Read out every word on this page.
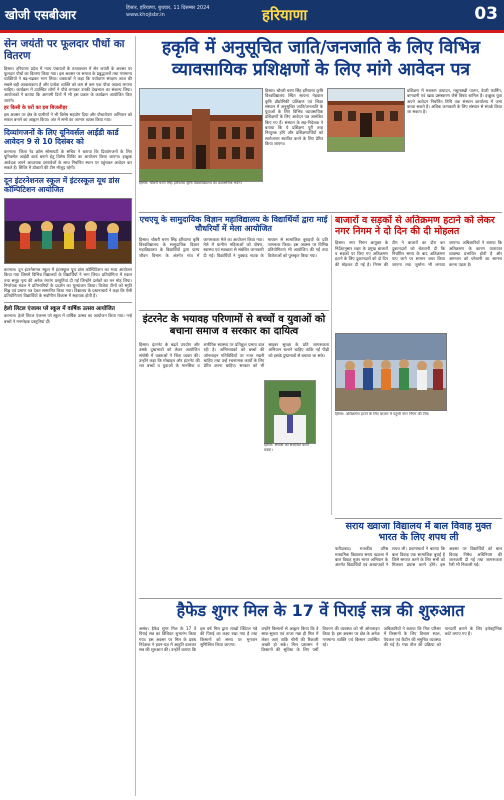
खोजी एसबीआर	हिसार, हरियाणा, बुधवार, 11 दिसम्बर 2024
www.khojisbr.in	हरियाणा	03

सेन जयंती पर फूलदार पौधों का वितरण

हिसार। हरियाणा प्रदेश में न्याय पंचायतों के तत्वावधान में सेन जयंती के अवसर पर फूलदार पौधों का वितरण किया गया। इस अवसर पर समाज के प्रबुद्धजनों तथा गणमान्य व्यक्तियों ने बढ़-चढ़कर भाग लिया। वक्ताओं ने कहा कि पर्यावरण संरक्षण आज की सबसे बड़ी आवश्यकता है और प्रत्येक व्यक्ति को कम से कम एक पौधा अवश्य लगाना चाहिए। कार्यक्रम में उपस्थित लोगों ने पौधे लगाकर उनकी देखभाल का संकल्प लिया। आयोजकों ने बताया कि आगामी दिनों में भी इस प्रकार के कार्यक्रम आयोजित किए जाएंगे।

हर किसी के घरों का इस बिजलीहर

इस अवसर पर क्षेत्र के ग्रामीणों ने भी विशेष सहयोग दिया और पौधारोपण अभियान को सफल बनाने का आह्वान किया। अंत में सभी का आभार व्यक्त किया गया।

दिव्यांगजनों के लिए यूनिवर्सल आईडी कार्ड आवेदन 9 से 10 दिसंबर को

करनाल। जिला रेड क्रॉस सोसायटी के सचिव ने बताया कि दिव्यांगजनों के लिए यूनिवर्सल आईडी कार्ड बनाने हेतु विशेष शिविर का आयोजन किया जाएगा। इच्छुक आवेदक अपने आवश्यक दस्तावेजों के साथ निर्धारित स्थान पर पहुंचकर आवेदन कर सकते हैं। शिविर में डॉक्टरों की टीम मौजूद रहेगी।

दून इंटरनेशनल स्कूल में इंटरस्कूल यूथ डांस कॉम्पिटिशन आयोजित

करनाल। दून इंटरनेशनल स्कूल में इंटरस्कूल यूथ डांस कॉम्पिटिशन का भव्य आयोजन किया गया जिसमें विभिन्न विद्यालयों के विद्यार्थियों ने भाग लिया। प्रतियोगिता में एकल तथा समूह नृत्य की अनेक रंगारंग प्रस्तुतियां दी गईं जिन्होंने दर्शकों का मन मोह लिया। निर्णायक मंडल ने प्रतिभागियों के प्रदर्शन का मूल्यांकन किया। विजेता टीमों को स्मृति चिह्न एवं प्रमाण पत्र देकर सम्मानित किया गया। विद्यालय के प्रधानाचार्य ने कहा कि ऐसी प्रतियोगिताएं विद्यार्थियों के सर्वांगीण विकास में सहायक होती हैं।

हेलो लिटल एंजल्स प्ले स्कूल में वार्षिक उत्सव आयोजित

करनाल। हेलो लिटल एंजल्स प्ले स्कूल में वार्षिक उत्सव का आयोजन किया गया। नन्हे बच्चों ने मनमोहक प्रस्तुतियां दीं।

हकृवि में अनुसूचित जाति/जनजाति के लिए विभिन्न

व्यावसायिक प्रशिक्षणों के लिए मांगे आवेदन पत्र

हिसार: चौधरी चरण सिंह हरियाणा कृषि विश्वविद्यालय का प्रशासनिक भवन।

हिसार। चौधरी चरण सिंह हरियाणा कृषि विश्वविद्यालय स्थित सायना नेहवाल कृषि प्रौद्योगिकी प्रशिक्षण एवं शिक्षा संस्थान में अनुसूचित जाति/जनजाति के युवाओं के लिए विभिन्न व्यावसायिक प्रशिक्षणों के लिए आवेदन पत्र आमंत्रित किए गए हैं। संस्थान के सह-निदेशक ने बताया कि ये प्रशिक्षण पूरी तरह निःशुल्क होंगे और प्रशिक्षणार्थियों को स्वरोजगार स्थापित करने के लिए प्रेरित किया जाएगा।

प्रशिक्षण में मशरूम उत्पादन, मधुमक्खी पालन, डेयरी फार्मिंग, बागवानी एवं खाद्य प्रसंस्करण जैसे विषय शामिल हैं। इच्छुक युवा अपने आवेदन निर्धारित तिथि तक संस्थान कार्यालय में जमा करवा सकते हैं। अधिक जानकारी के लिए संस्थान से संपर्क किया जा सकता है।

एचएयू के सामुदायिक विज्ञान महाविद्यालय के विद्यार्थियों द्वारा माई चौधरियाँ में मेला आयोजित

हिसार। चौधरी चरण सिंह हरियाणा कृषि विश्वविद्यालय के सामुदायिक विज्ञान महाविद्यालय के विद्यार्थियों द्वारा ग्राम्य जीवन विभाग के अंतर्गत गांव में जागरूकता मेले का आयोजन किया गया। मेले में ग्रामीण महिलाओं को पोषण, स्वास्थ्य एवं स्वच्छता से संबंधित जानकारी दी गई। विद्यार्थियों ने नुक्कड़ नाटक के माध्यम से सामाजिक बुराइयों के प्रति जागरूक किया। इस अवसर पर विभिन्न प्रतियोगिताएं भी आयोजित की गईं तथा विजेताओं को पुरस्कृत किया गया।

बाजारों व सड़कों से अतिक्रमण हटाने को लेकर नगर निगम ने दो दिन की दी मोहलत

हिसार। नगर निगम आयुक्त के निर्देशानुसार शहर के प्रमुख बाजारों व सड़कों पर किए गए अतिक्रमण हटाने के लिए दुकानदारों को दो दिन की मोहलत दी गई है। निगम की टीम ने बाजारों का दौरा कर दुकानदारों को चेतावनी दी कि निर्धारित समय के बाद अतिक्रमण पाए जाने पर सामान जब्त किया जाएगा तथा जुर्माना भी लगाया जाएगा। अधिकारियों ने बताया कि अतिक्रमण के कारण यातायात व्यवस्था प्रभावित होती है और आमजन को परेशानी का सामना करना पड़ता है।

हिसार: अतिक्रमण हटाने के लिए बाजार में पहुंची नगर निगम की टीम।

इंटरनेट के भयावह परिणामों से बच्चों व युवाओं को बचाना समाज व सरकार का दायित्व

हिसार। इंटरनेट के बढ़ते उपयोग और उसके दुष्प्रभावों को लेकर आयोजित संगोष्ठी में वक्ताओं ने चिंता व्यक्त की। उन्होंने कहा कि मोबाइल और इंटरनेट की लत बच्चों व युवाओं के मानसिक व शारीरिक स्वास्थ्य पर प्रतिकूल प्रभाव डाल रही है। अभिभावकों को बच्चों की ऑनलाइन गतिविधियों पर नजर रखनी चाहिए तथा उन्हें रचनात्मक कार्यों के लिए प्रेरित करना चाहिए। सरकार को भी साइबर सुरक्षा के प्रति जागरूकता अभियान चलाने चाहिए ताकि नई पीढ़ी को इसके दुष्प्रभावों से बचाया जा सके।

हिसार: संगोष्ठी को संबोधित करते वक्ता।

सराय ख्वाजा विद्यालय में बाल विवाह मुक्त भारत के लिए शपथ ली

फरीदाबाद। राजकीय वरिष्ठ माध्यमिक विद्यालय सराय ख्वाजा में बाल विवाह मुक्त भारत अभियान के अंतर्गत विद्यार्थियों एवं अध्यापकों ने शपथ ली। प्रधानाचार्य ने बताया कि बाल विवाह एक सामाजिक बुराई है जिसे समाप्त करने के लिए सभी को मिलकर प्रयास करने होंगे। इस अवसर पर विद्यार्थियों को बाल विवाह निषेध अधिनियम की जानकारी दी गई तथा जागरूकता रैली भी निकाली गई।

हैफेड शुगर मिल के 17 वें पिराई सत्र की शुरुआत

असंध। हैफेड शुगर मिल के 17 वें पिराई सत्र का विधिवत शुभारंभ किया गया। इस अवसर पर मिल के प्रबंध निदेशक ने हवन-यज्ञ में आहुति डालकर सत्र की शुरुआत की। उन्होंने बताया कि इस वर्ष मिल द्वारा लाखों क्विंटल गन्ने की पिराई का लक्ष्य रखा गया है तथा किसानों को समय पर भुगतान सुनिश्चित किया जाएगा।

उन्होंने किसानों से आह्वान किया कि वे साफ-सुथरा एवं ताजा गन्ना ही मिल में लेकर आएं ताकि चीनी की रिकवरी अच्छी हो सके। मिल प्रशासन ने किसानों की सुविधा के लिए पर्ची वितरण की व्यवस्था को भी ऑनलाइन किया है। इस अवसर पर क्षेत्र के अनेक गणमान्य व्यक्ति एवं किसान उपस्थित रहे।

अधिकारियों ने बताया कि मिल परिसर में किसानों के लिए विश्राम स्थल, पेयजल एवं कैंटीन की समुचित व्यवस्था की गई है। गन्ना तौल की प्रक्रिया को पारदर्शी बनाने के लिए इलेक्ट्रॉनिक कांटे लगाए गए हैं।
